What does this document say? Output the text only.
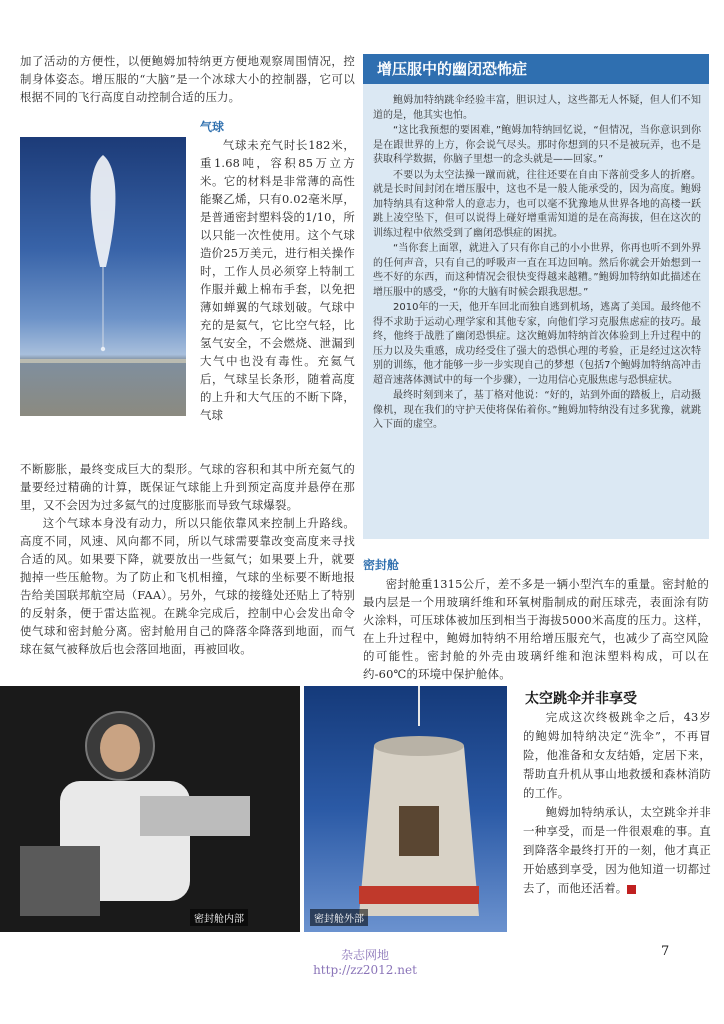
加了活动的方便性，以便鲍姆加特纳更方便地观察周围情况，控制身体姿态。增压服的“大脑”是一个冰球大小的控制器，它可以根据不同的飞行高度自动控制合适的压力。

气球

气球未充气时长182米，重1.68吨，容积85万立方米。它的材料是非常薄的高性能聚乙烯，只有0.02毫米厚，是普通密封塑料袋的1/10，所以只能一次性使用。这个气球造价25万美元，进行相关操作时，工作人员必须穿上特制工作服并戴上棉布手套，以免把薄如蝉翼的气球划破。气球中充的是氦气，它比空气轻，比氢气安全，不会燃烧、泄漏到大气中也没有毒性。充氦气后，气球呈长条形，随着高度的上升和大气压的不断下降，气球

不断膨胀，最终变成巨大的梨形。气球的容积和其中所充氦气的量要经过精确的计算，既保证气球能上升到预定高度并悬停在那里，又不会因为过多氦气的过度膨胀而导致气球爆裂。

这个气球本身没有动力，所以只能依靠风来控制上升路线。高度不同，风速、风向都不同，所以气球需要靠改变高度来寻找合适的风。如果要下降，就要放出一些氦气；如果要上升，就要抛掉一些压舱物。为了防止和飞机相撞，气球的坐标要不断地报告给美国联邦航空局（FAA）。另外，气球的接缝处还贴上了特别的反射条，便于雷达监视。在跳伞完成后，控制中心会发出命令使气球和密封舱分离。密封舱用自己的降落伞降落到地面，而气球在氦气被释放后也会落回地面，再被回收。

增压服中的幽闭恐怖症

鲍姆加特纳跳伞经验丰富，胆识过人，这些都无人怀疑，但人们不知道的是，他其实也怕。

“这比我预想的要困难，”鲍姆加特纳回忆说，“但情况，当你意识到你是在跟世界的上方，你会说气尽头。那时你想到的只不是被玩弄，也不是获取科学数据，你脑子里想一的念头就是——回家。”

不要以为太空法操一蹴而就，往往还要在自由下落前受多人的折磨。就是长时间封闭在增压服中，这也不是一般人能承受的，因为高度。鲍姆加特纳具有这种常人的意志力，也可以毫不犹豫地从世界各地的高楼一跃跳上凌空坠下，但可以说得上碰好增重需知道的是在高海拔，但在这次的训练过程中依然受到了幽闭恐惧症的困扰。

“当你套上面罩，就进入了只有你自己的小小世界，你再也听不到外界的任何声音，只有自己的呼吸声一直在耳边回响。然后你就会开始想到一些不好的东西，而这种情况会很快变得越来越糟。”鲍姆加特纳如此描述在增压服中的感受，“你的大脑有时候会跟我思想。”

2010年的一天，他开车回北而独自逃到机场，逃离了美国。最终他不得不求助于运动心理学家和其他专家，向他们学习克服焦虑症的技巧。最终，他终于战胜了幽闭恐惧症。这次鲍姆加特纳首次体验到上升过程中的压力以及失重感，成功经受住了强大的恐惧心理的考验，正是经过这次特别的训练，他才能够一步一步实现自己的梦想（包括7个鲍姆加特纳高冲击超音速落体测试中的每一个步骤），一边用信心克服焦虑与恐惧症状。

最终时刻到来了，基丁格对他说：“好的，站到外面的踏板上，启动摄像机，现在我们的守护天使将保佑着你。”鲍姆加特纳没有过多犹豫，就跳入下面的虚空。

密封舱

密封舱重1315公斤，差不多是一辆小型汽车的重量。密封舱的最内层是一个用玻璃纤维和环氧树脂制成的耐压球壳，表面涂有防火涂料，可压球体被加压到相当于海拔5000米高度的压力。这样，在上升过程中，鲍姆加特纳不用给增压服充气，也减少了高空风险的可能性。密封舱的外壳由玻璃纤维和泡沫塑料构成，可以在约-60℃的环境中保护舱体。

密封舱内部	密封舱外部
太空跳伞并非享受

完成这次终极跳伞之后，43岁的鲍姆加特纳决定“洗伞”，不再冒险，他准备和女友结婚，定居下来，帮助直升机从事山地救援和森林消防的工作。

鲍姆加特纳承认，太空跳伞并非一种享受，而是一件很艰难的事。直到降落伞最终打开的一刻，他才真正开始感到享受，因为他知道一切都过去了，而他还活着。

杂志网地
http://zz2012.net
7
